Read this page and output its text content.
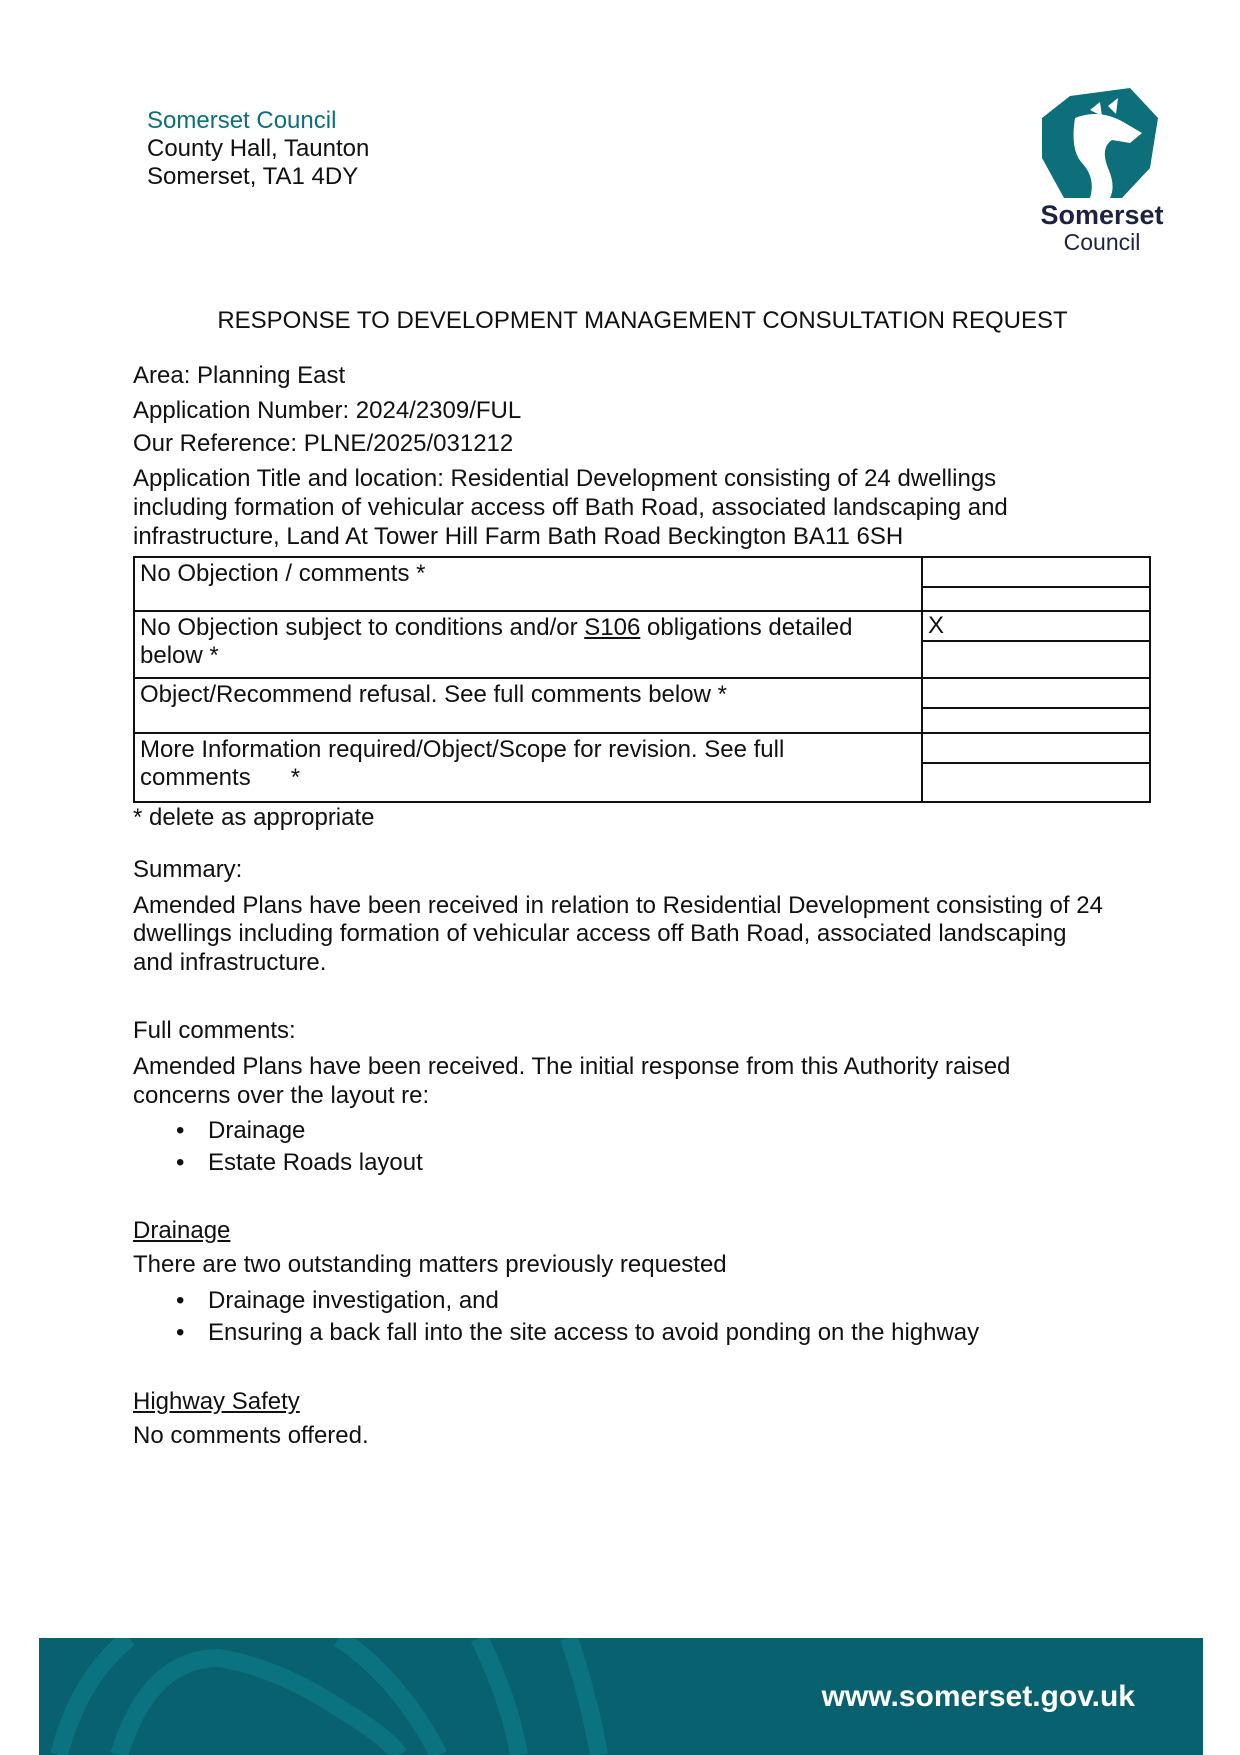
Somerset Council
County Hall, Taunton
Somerset, TA1 4DY
Somerset
Council
RESPONSE TO DEVELOPMENT MANAGEMENT CONSULTATION REQUEST
Area: Planning East
Application Number: 2024/2309/FUL
Our Reference: PLNE/2025/031212
Application Title and location: Residential Development consisting of 24 dwellings
including formation of vehicular access off Bath Road, associated landscaping and
infrastructure, Land At Tower Hill Farm Bath Road Beckington BA11 6SH
No Objection / comments *	

No Objection subject to conditions and/or S106 obligations detailed below *	X

Object/Recommend refusal. See full comments below *	

More Information required/Object/Scope for revision. See full comments      *	
* delete as appropriate
Summary:
Amended Plans have been received in relation to Residential Development consisting of 24
dwellings including formation of vehicular access off Bath Road, associated landscaping
and infrastructure.
Full comments:
Amended Plans have been received. The initial response from this Authority raised
concerns over the layout re:
• Drainage
• Estate Roads layout
Drainage
There are two outstanding matters previously requested
• Drainage investigation, and
• Ensuring a back fall into the site access to avoid ponding on the highway
Highway Safety
No comments offered.
www.somerset.gov.uk
